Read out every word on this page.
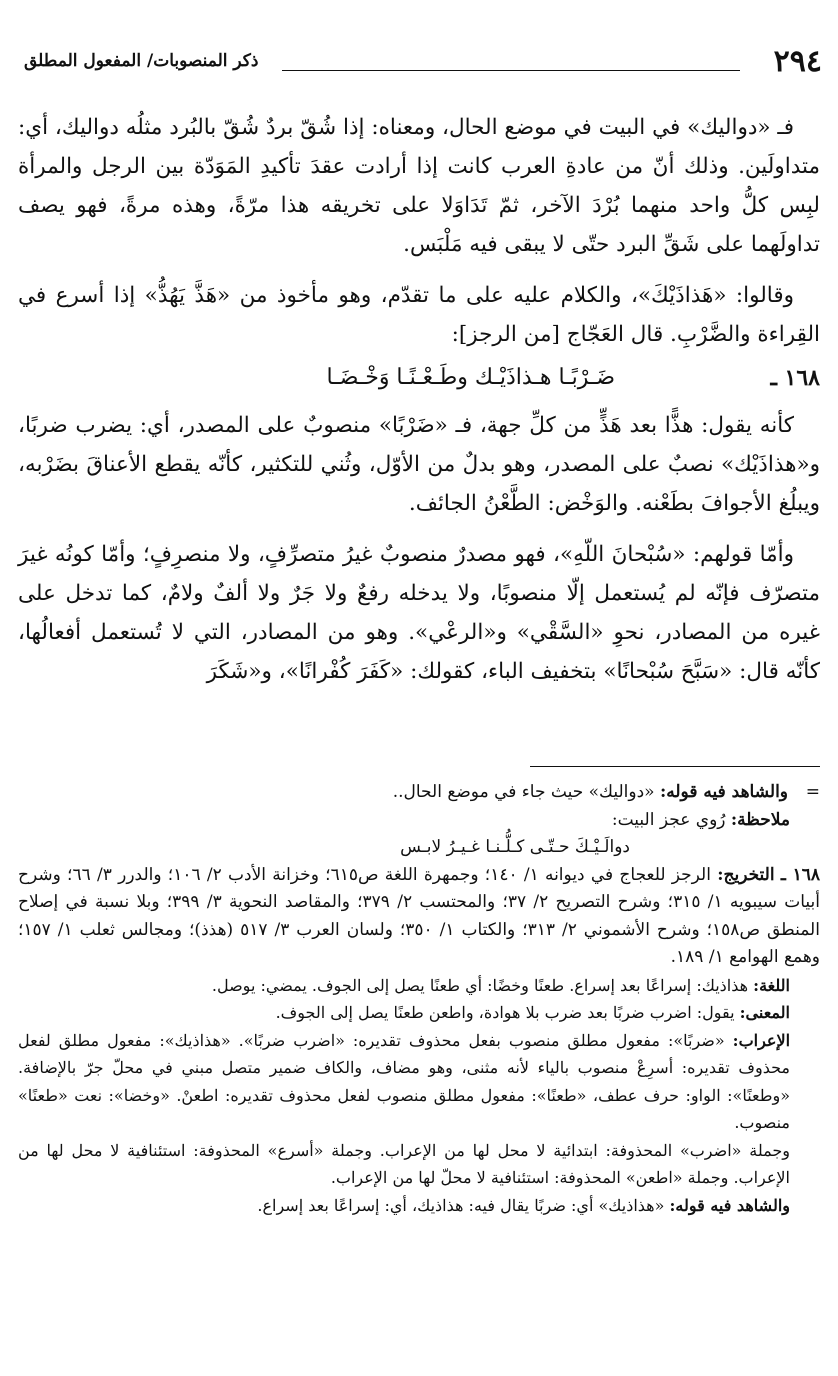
٢٩٤
ذكر المنصوبات/ المفعول المطلق

فـ «دواليك» في البيت في موضع الحال، ومعناه: إذا شُقّ بردٌ شُقّ بالبُرد مثلُه دواليك، أي: متداولَين. وذلك أنّ من عادةِ العرب كانت إذا أرادت عقدَ تأكيدِ المَوَدّة بين الرجل والمرأة لبِس كلُّ واحد منهما بُرْدَ الآخر، ثمّ تَدَاوَلا على تخريقه هذا مرّةً، وهذه مرةً، فهو يصف تداولَهما على شَقِّ البرد حتّى لا يبقى فيه مَلْبَس.

وقالوا: «هَذاذَيْكَ»، والكلام عليه على ما تقدّم، وهو مأخوذ من «هَذَّ يَهُذُّ» إذا أسرع في القِراءة والضَّرْبِ. قال العَجّاج [من الرجز]:

١٦٨ ـ
ضَـرْبًـا هـذاذَيْـك وطَـعْـنًـا وَخْـضَـا

كأنه يقول: هذًّا بعد هَذٍّ من كلِّ جهة، فـ «ضَرْبًا» منصوبٌ على المصدر، أي: يضرب ضربًا، و«هذاذَيْك» نصبٌ على المصدر، وهو بدلٌ من الأوّل، وثُني للتكثير، كأنّه يقطع الأعناقَ بضَرْبه، ويبلُغ الأجوافَ بطَعْنه. والوَخْض: الطَّعْنُ الجائف.

وأمّا قولهم: «سُبْحانَ اللّهِ»، فهو مصدرٌ منصوبٌ غيرُ متصرِّفٍ، ولا منصرِفٍ؛ وأمّا كونُه غيرَ متصرّف فإنّه لم يُستعمل إلّا منصوبًا، ولا يدخله رفعٌ ولا جَرٌ ولا ألفٌ ولامٌ، كما تدخل على غيره من المصادر، نحوِ «السَّقْي» و«الرعْي». وهو من المصادر، التي لا تُستعمل أفعالُها، كأنّه قال: «سَبَّحَ سُبْحانًا» بتخفيف الباء، كقولك: «كَفَرَ كُفْرانًا»، و«شَكَرَ

=
والشاهد فيه قوله: «دواليك» حيث جاء في موضع الحال..

ملاحظة: رُوي عجز البيت:

دوالَـيْـكَ حـتّـى كـلُّـنـا غـيـرُ لابـس

١٦٨ ـ التخريج: الرجز للعجاج في ديوانه ١/ ١٤٠؛ وجمهرة اللغة ص٦١٥؛ وخزانة الأدب ٢/ ١٠٦؛ والدرر ٣/ ٦٦؛ وشرح أبيات سيبويه ١/ ٣١٥؛ وشرح التصريح ٢/ ٣٧؛ والمحتسب ٢/ ٣٧٩؛ والمقاصد النحوية ٣/ ٣٩٩؛ وبلا نسبة في إصلاح المنطق ص١٥٨؛ وشرح الأشموني ٢/ ٣١٣؛ والكتاب ١/ ٣٥٠؛ ولسان العرب ٣/ ٥١٧ (هذذ)؛ ومجالس ثعلب ١/ ١٥٧؛ وهمع الهوامع ١/ ١٨٩.

اللغة: هذاذيك: إسراعًا بعد إسراع. طعنًا وخضًا: أي طعنًا يصل إلى الجوف. يمضي: يوصل.

المعنى: يقول: اضرب ضربًا بعد ضرب بلا هوادة، واطعن طعنًا يصل إلى الجوف.

الإعراب: «ضربًا»: مفعول مطلق منصوب بفعل محذوف تقديره: «اضرب ضربًا». «هذاذيك»: مفعول مطلق لفعل محذوف تقديره: أسرِعْ منصوب بالياء لأنه مثنى، وهو مضاف، والكاف ضمير متصل مبني في محلّ جرّ بالإضافة. «وطعنًا»: الواو: حرف عطف، «طعنًا»: مفعول مطلق منصوب لفعل محذوف تقديره: اطعنْ. «وخضا»: نعت «طعنًا» منصوب.

وجملة «اضرب» المحذوفة: ابتدائية لا محل لها من الإعراب. وجملة «أسرع» المحذوفة: استئنافية لا محل لها من الإعراب. وجملة «اطعن» المحذوفة: استئنافية لا محلّ لها من الإعراب.

والشاهد فيه قوله: «هذاذيك» أي: ضربًا يقال فيه: هذاذيك، أي: إسراعًا بعد إسراع.
